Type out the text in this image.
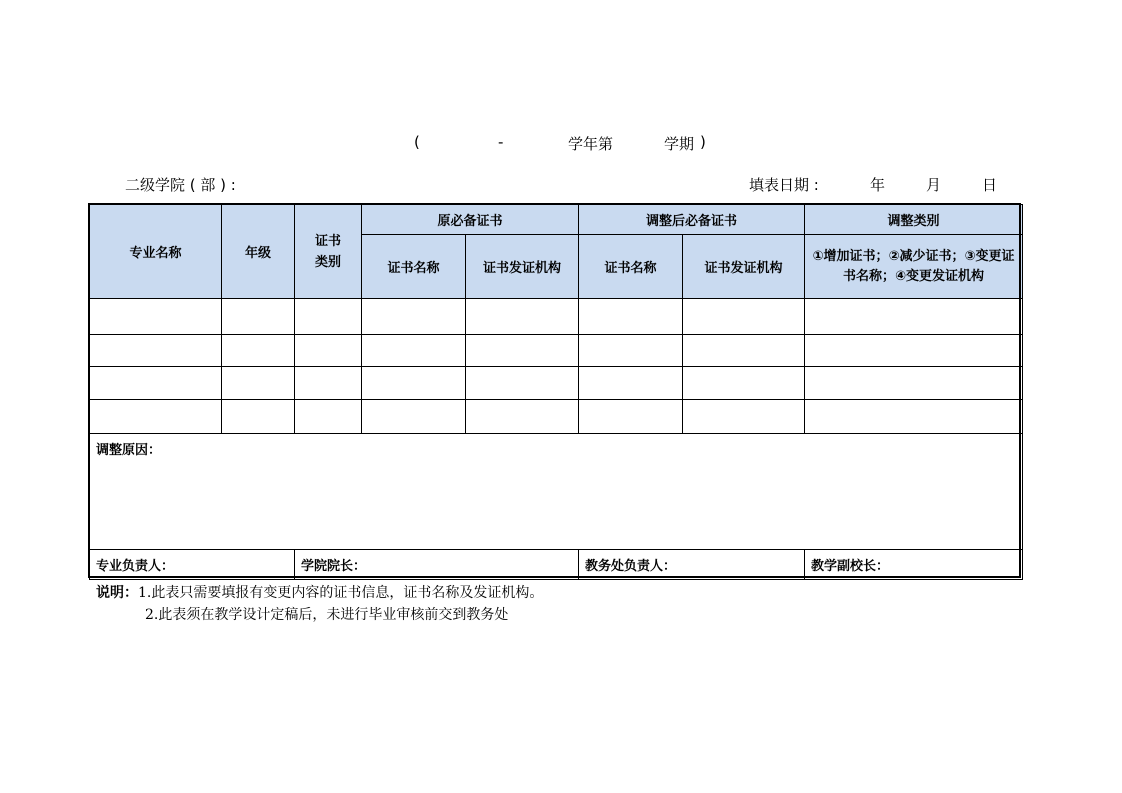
(	-	学年第	学期 )
二级学院 ( 部 ) :	填表日期 :	年	月	日
专业名称	年级	证书类别	原必备证书		调整后必备证书		调整类别
			证书名称	证书发证机构	证书名称	证书发证机构	①增加证书；②减少证书；③变更证书名称；④变更发证机构

调整原因：							
专业负责人：		学院院长：			教务处负责人：		教学副校长：
说明：1.此表只需要填报有变更内容的证书信息，证书名称及发证机构。
2.此表须在教学设计定稿后，未进行毕业审核前交到教务处
